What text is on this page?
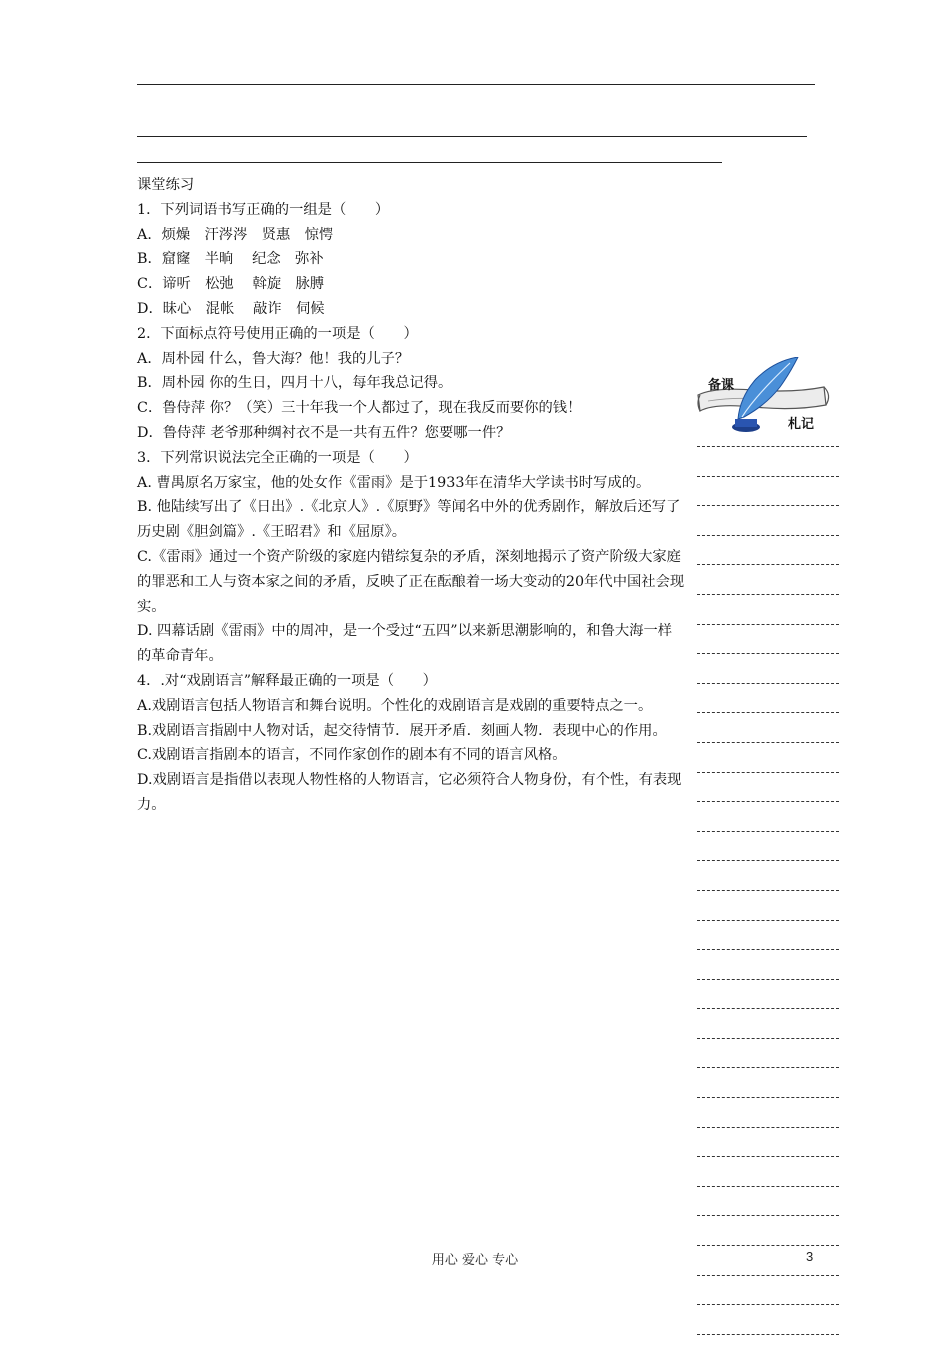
课堂练习

1．下列词语书写正确的一组是（　　）

A．烦燥　汗涔涔　贤惠　惊愕

B．窟窿　半晌　 纪念　弥补

C．谛听　松弛　 斡旋　脉膊

D．昧心　混帐　 敲诈　伺候

2．下面标点符号使用正确的一项是（　　）

A．周朴园 什么，鲁大海？他！我的儿子？

B．周朴园 你的生日，四月十八，每年我总记得。

C．鲁侍萍 你？（笑）三十年我一个人都过了，现在我反而要你的钱！

D．鲁侍萍 老爷那种绸衬衣不是一共有五件？您要哪一件？

3．下列常识说法完全正确的一项是（　　）

A. 曹禺原名万家宝，他的处女作《雷雨》是于1933年在清华大学读书时写成的。

B. 他陆续写出了《日出》.《北京人》.《原野》等闻名中外的优秀剧作，解放后还写了历史剧《胆剑篇》.《王昭君》和《屈原》。

C.《雷雨》通过一个资产阶级的家庭内错综复杂的矛盾，深刻地揭示了资产阶级大家庭的罪恶和工人与资本家之间的矛盾，反映了正在酝酿着一场大变动的20年代中国社会现实。

D. 四幕话剧《雷雨》中的周冲，是一个受过“五四”以来新思潮影响的，和鲁大海一样的革命青年。

4．.对“戏剧语言”解释最正确的一项是（　　）

A.戏剧语言包括人物语言和舞台说明。个性化的戏剧语言是戏剧的重要特点之一。

B.戏剧语言指剧中人物对话，起交待情节．展开矛盾．刻画人物．表现中心的作用。

C.戏剧语言指剧本的语言，不同作家创作的剧本有不同的语言风格。

D.戏剧语言是指借以表现人物性格的人物语言，它必须符合人物身份，有个性，有表现力。

备课
札记
用心 爱心 专心	3
